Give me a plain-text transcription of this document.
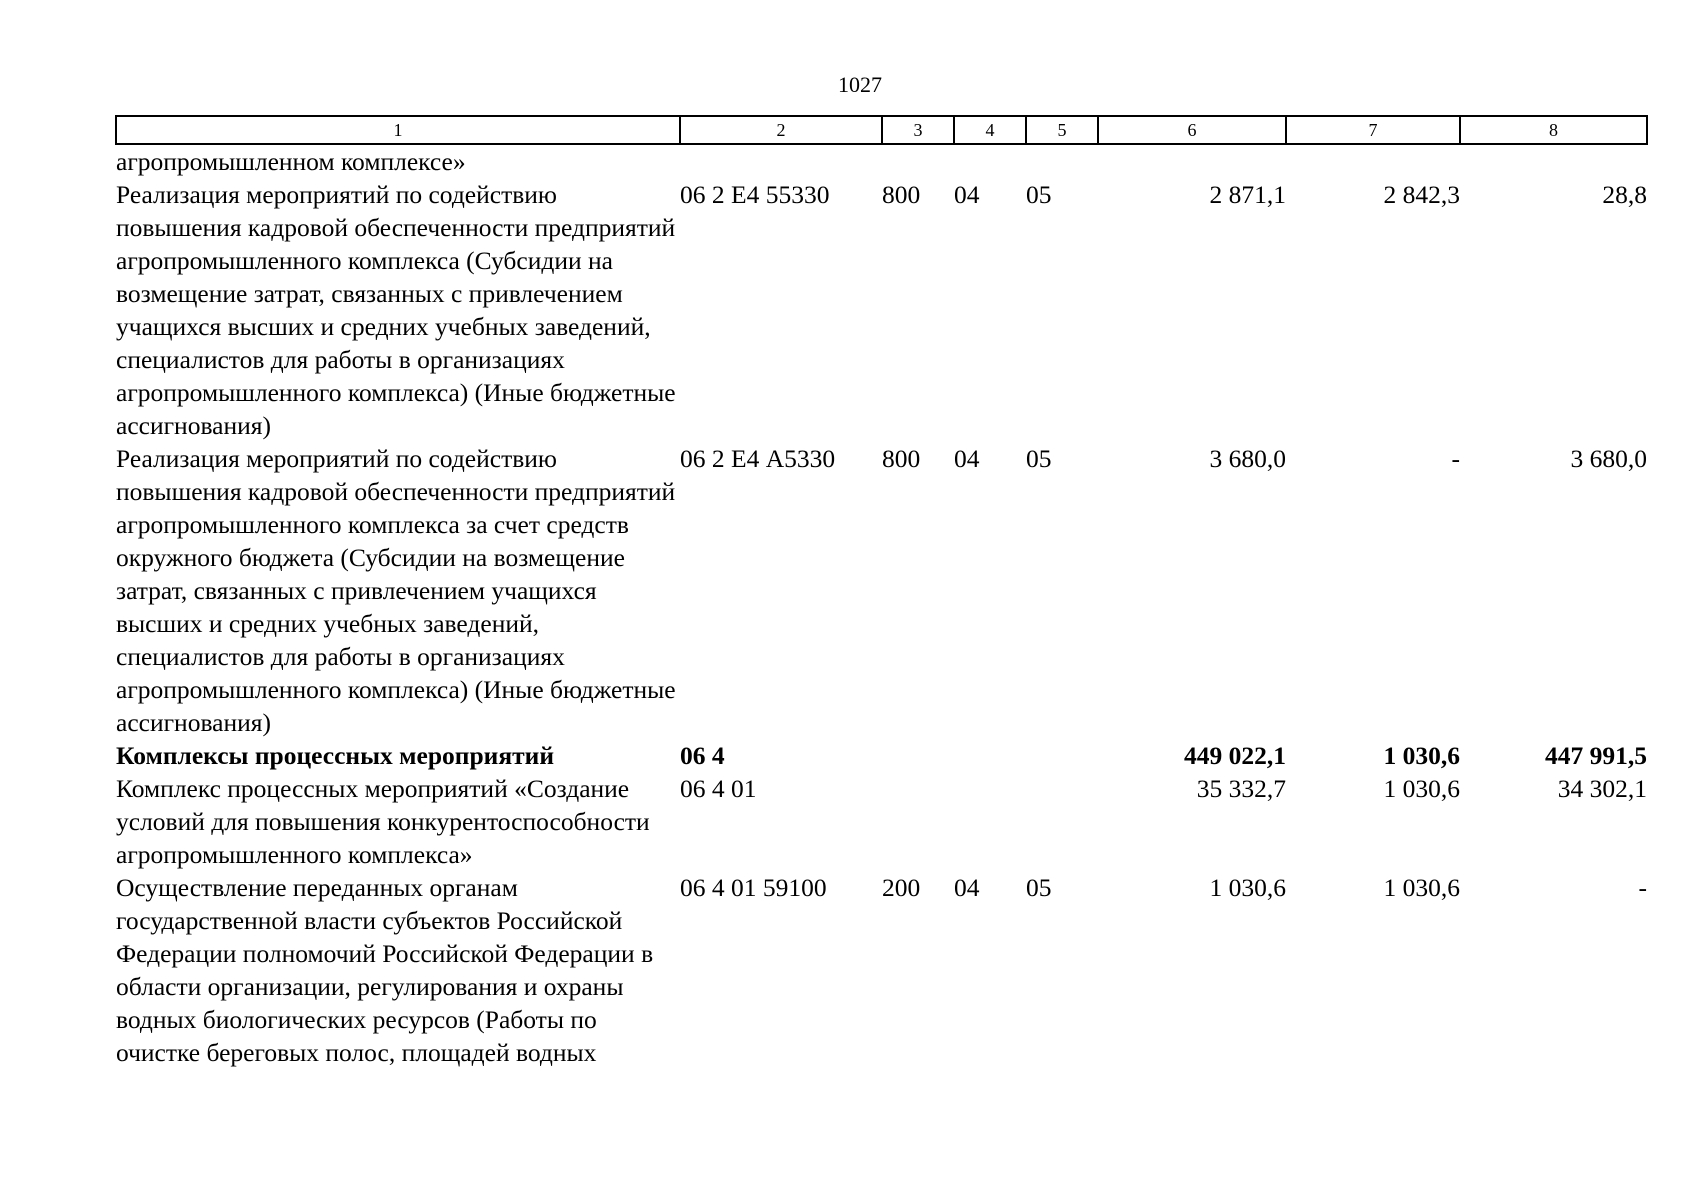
1027
1	2	3	4	5	6	7	8
агропромышленном комплексе»							
Реализация мероприятий по содействию повышения кадровой обеспеченности предприятий агропромышленного комплекса (Субсидии на возмещение затрат, связанных с привлечением учащихся высших и средних учебных заведений, специалистов для работы в организациях агропромышленного комплекса) (Иные бюджетные ассигнования)	06 2 Е4 55330	800	04	05	2 871,1	2 842,3	28,8
Реализация мероприятий по содействию повышения кадровой обеспеченности предприятий агропромышленного комплекса за счет средств окружного бюджета (Субсидии на возмещение затрат, связанных с привлечением учащихся высших и средних учебных заведений, специалистов для работы в организациях агропромышленного комплекса) (Иные бюджетные ассигнования)	06 2 Е4 А5330	800	04	05	3 680,0	-	3 680,0
Комплексы процессных мероприятий	06 4				449 022,1	1 030,6	447 991,5
Комплекс процессных мероприятий «Создание условий для повышения конкурентоспособности агропромышленного комплекса»	06 4 01				35 332,7	1 030,6	34 302,1
Осуществление переданных органам государственной власти субъектов Российской Федерации полномочий Российской Федерации в области организации, регулирования и охраны водных биологических ресурсов (Работы по очистке береговых полос, площадей водных	06 4 01 59100	200	04	05	1 030,6	1 030,6	-
